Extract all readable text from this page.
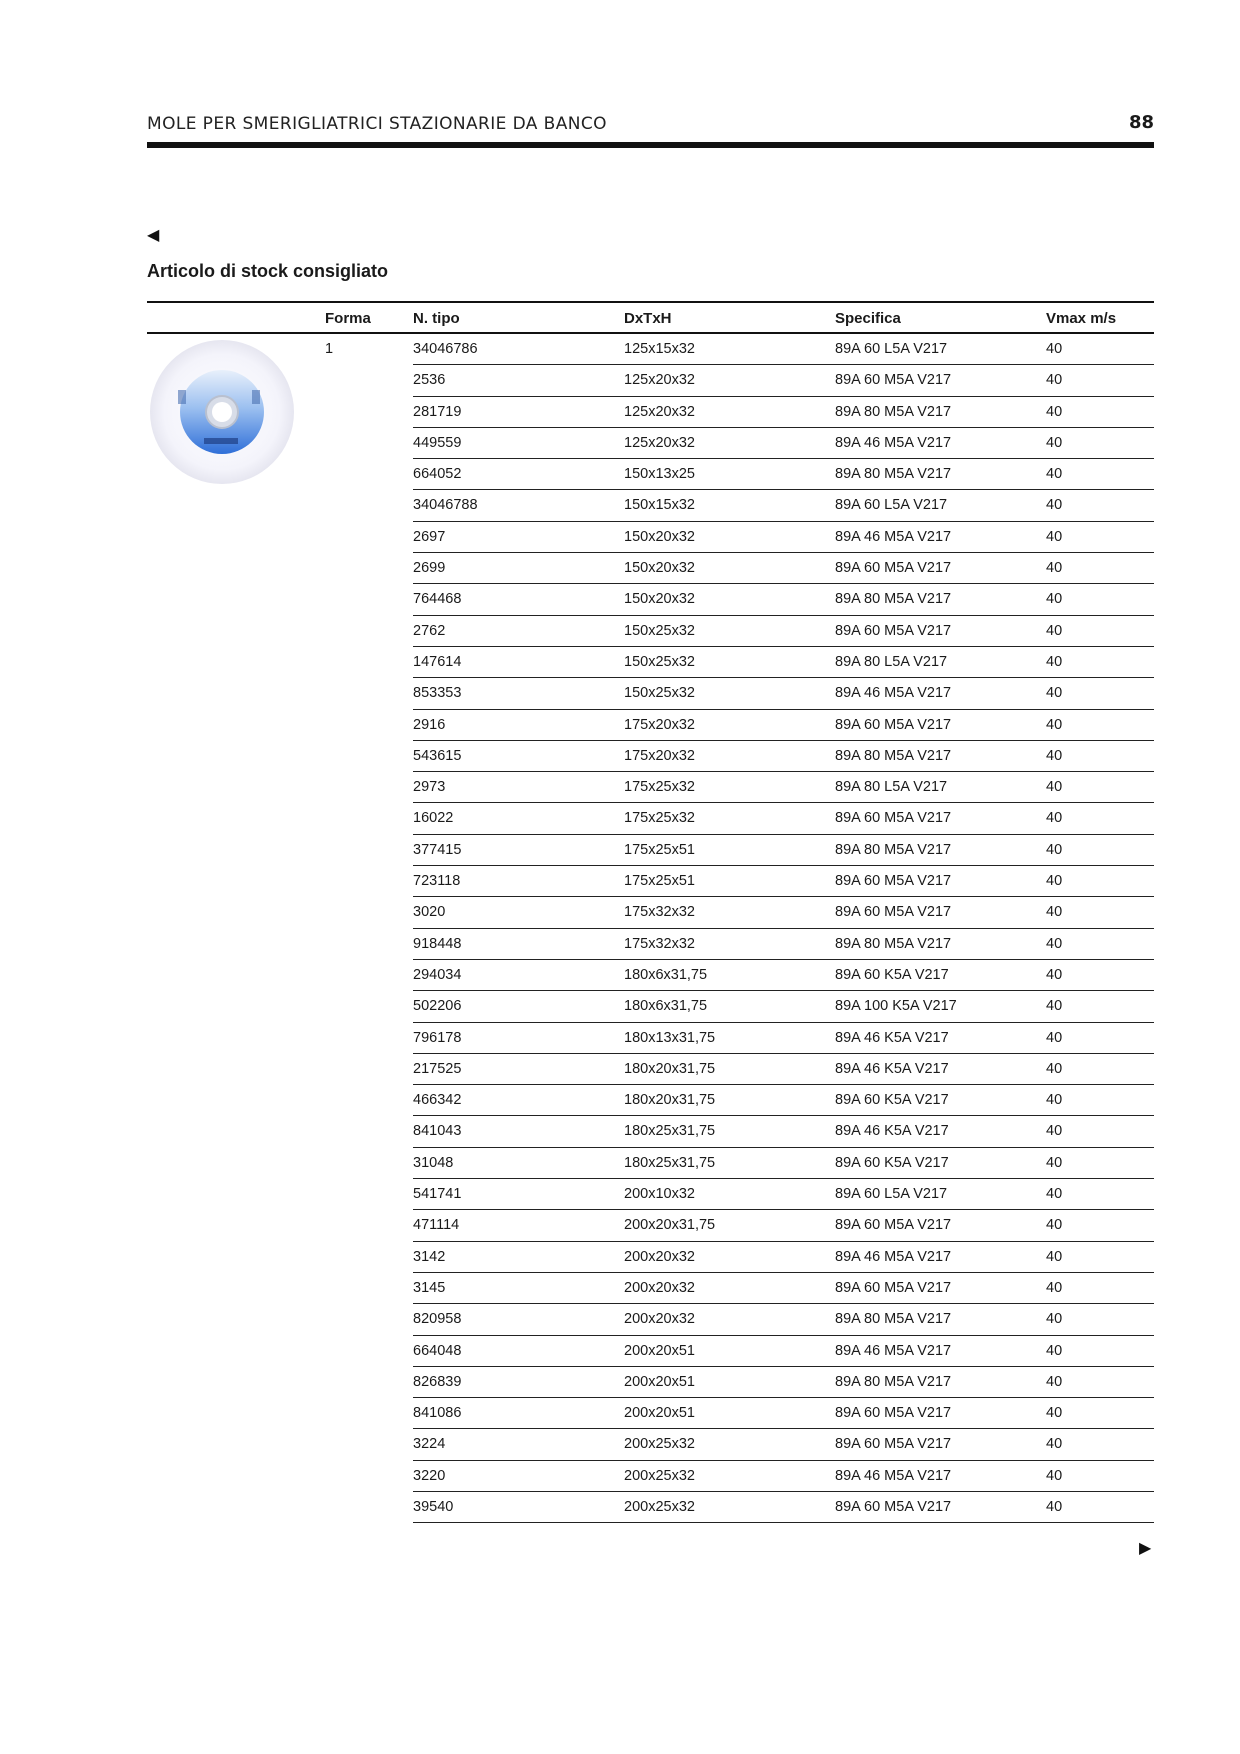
MOLE PER SMERIGLIATRICI STAZIONARIE DA BANCO	88
◀
Articolo di stock consigliato
Forma	N. tipo	DxTxH	Specifica	Vmax m/s
1	34046786	125x15x32	89A 60 L5A V217	40
2536	125x20x32	89A 60 M5A V217	40
281719	125x20x32	89A 80 M5A V217	40
449559	125x20x32	89A 46 M5A V217	40
664052	150x13x25	89A 80 M5A V217	40
34046788	150x15x32	89A 60 L5A V217	40
2697	150x20x32	89A 46 M5A V217	40
2699	150x20x32	89A 60 M5A V217	40
764468	150x20x32	89A 80 M5A V217	40
2762	150x25x32	89A 60 M5A V217	40
147614	150x25x32	89A 80 L5A V217	40
853353	150x25x32	89A 46 M5A V217	40
2916	175x20x32	89A 60 M5A V217	40
543615	175x20x32	89A 80 M5A V217	40
2973	175x25x32	89A 80 L5A V217	40
16022	175x25x32	89A 60 M5A V217	40
377415	175x25x51	89A 80 M5A V217	40
723118	175x25x51	89A 60 M5A V217	40
3020	175x32x32	89A 60 M5A V217	40
918448	175x32x32	89A 80 M5A V217	40
294034	180x6x31,75	89A 60 K5A V217	40
502206	180x6x31,75	89A 100 K5A V217	40
796178	180x13x31,75	89A 46 K5A V217	40
217525	180x20x31,75	89A 46 K5A V217	40
466342	180x20x31,75	89A 60 K5A V217	40
841043	180x25x31,75	89A 46 K5A V217	40
31048	180x25x31,75	89A 60 K5A V217	40
541741	200x10x32	89A 60 L5A V217	40
471114	200x20x31,75	89A 60 M5A V217	40
3142	200x20x32	89A 46 M5A V217	40
3145	200x20x32	89A 60 M5A V217	40
820958	200x20x32	89A 80 M5A V217	40
664048	200x20x51	89A 46 M5A V217	40
826839	200x20x51	89A 80 M5A V217	40
841086	200x20x51	89A 60 M5A V217	40
3224	200x25x32	89A 60 M5A V217	40
3220	200x25x32	89A 46 M5A V217	40
39540	200x25x32	89A 60 M5A V217	40
▶
